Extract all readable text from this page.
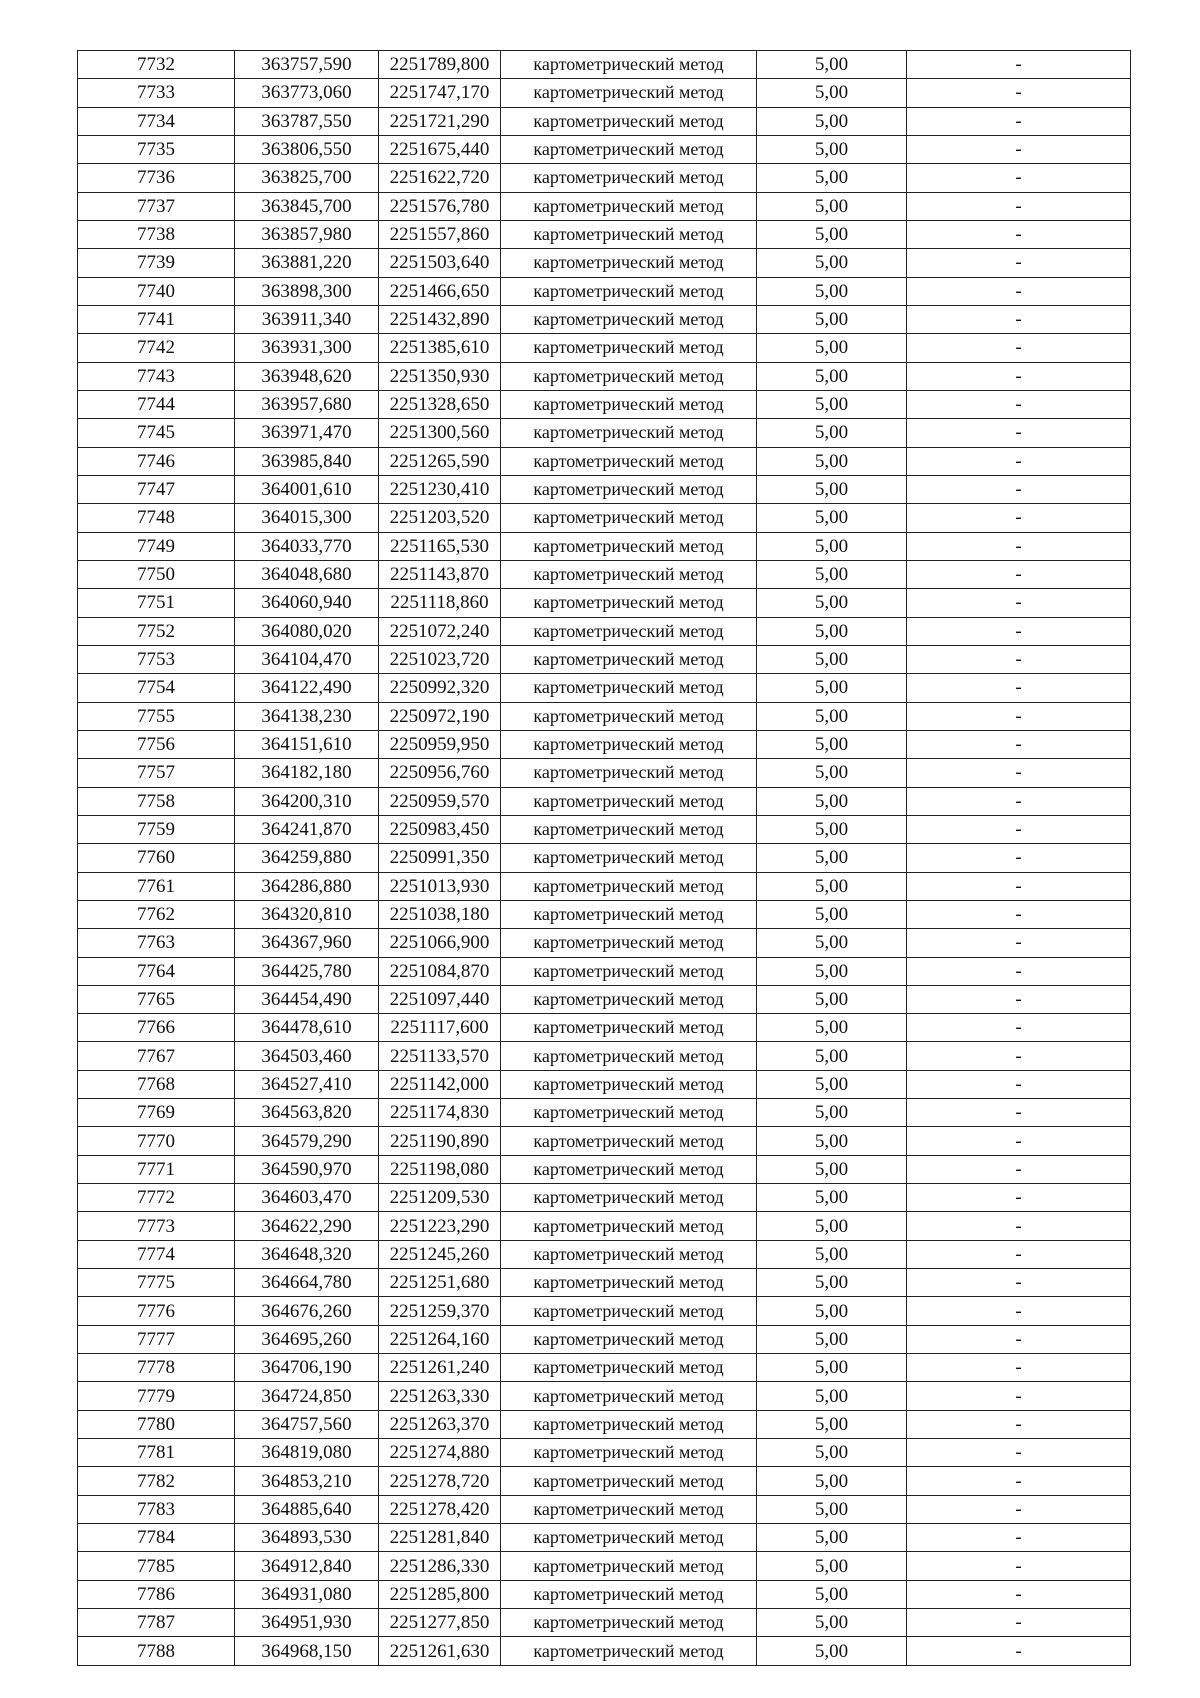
7732	363757,590	2251789,800	картометрический метод	5,00	-
7733	363773,060	2251747,170	картометрический метод	5,00	-
7734	363787,550	2251721,290	картометрический метод	5,00	-
7735	363806,550	2251675,440	картометрический метод	5,00	-
7736	363825,700	2251622,720	картометрический метод	5,00	-
7737	363845,700	2251576,780	картометрический метод	5,00	-
7738	363857,980	2251557,860	картометрический метод	5,00	-
7739	363881,220	2251503,640	картометрический метод	5,00	-
7740	363898,300	2251466,650	картометрический метод	5,00	-
7741	363911,340	2251432,890	картометрический метод	5,00	-
7742	363931,300	2251385,610	картометрический метод	5,00	-
7743	363948,620	2251350,930	картометрический метод	5,00	-
7744	363957,680	2251328,650	картометрический метод	5,00	-
7745	363971,470	2251300,560	картометрический метод	5,00	-
7746	363985,840	2251265,590	картометрический метод	5,00	-
7747	364001,610	2251230,410	картометрический метод	5,00	-
7748	364015,300	2251203,520	картометрический метод	5,00	-
7749	364033,770	2251165,530	картометрический метод	5,00	-
7750	364048,680	2251143,870	картометрический метод	5,00	-
7751	364060,940	2251118,860	картометрический метод	5,00	-
7752	364080,020	2251072,240	картометрический метод	5,00	-
7753	364104,470	2251023,720	картометрический метод	5,00	-
7754	364122,490	2250992,320	картометрический метод	5,00	-
7755	364138,230	2250972,190	картометрический метод	5,00	-
7756	364151,610	2250959,950	картометрический метод	5,00	-
7757	364182,180	2250956,760	картометрический метод	5,00	-
7758	364200,310	2250959,570	картометрический метод	5,00	-
7759	364241,870	2250983,450	картометрический метод	5,00	-
7760	364259,880	2250991,350	картометрический метод	5,00	-
7761	364286,880	2251013,930	картометрический метод	5,00	-
7762	364320,810	2251038,180	картометрический метод	5,00	-
7763	364367,960	2251066,900	картометрический метод	5,00	-
7764	364425,780	2251084,870	картометрический метод	5,00	-
7765	364454,490	2251097,440	картометрический метод	5,00	-
7766	364478,610	2251117,600	картометрический метод	5,00	-
7767	364503,460	2251133,570	картометрический метод	5,00	-
7768	364527,410	2251142,000	картометрический метод	5,00	-
7769	364563,820	2251174,830	картометрический метод	5,00	-
7770	364579,290	2251190,890	картометрический метод	5,00	-
7771	364590,970	2251198,080	картометрический метод	5,00	-
7772	364603,470	2251209,530	картометрический метод	5,00	-
7773	364622,290	2251223,290	картометрический метод	5,00	-
7774	364648,320	2251245,260	картометрический метод	5,00	-
7775	364664,780	2251251,680	картометрический метод	5,00	-
7776	364676,260	2251259,370	картометрический метод	5,00	-
7777	364695,260	2251264,160	картометрический метод	5,00	-
7778	364706,190	2251261,240	картометрический метод	5,00	-
7779	364724,850	2251263,330	картометрический метод	5,00	-
7780	364757,560	2251263,370	картометрический метод	5,00	-
7781	364819,080	2251274,880	картометрический метод	5,00	-
7782	364853,210	2251278,720	картометрический метод	5,00	-
7783	364885,640	2251278,420	картометрический метод	5,00	-
7784	364893,530	2251281,840	картометрический метод	5,00	-
7785	364912,840	2251286,330	картометрический метод	5,00	-
7786	364931,080	2251285,800	картометрический метод	5,00	-
7787	364951,930	2251277,850	картометрический метод	5,00	-
7788	364968,150	2251261,630	картометрический метод	5,00	-
